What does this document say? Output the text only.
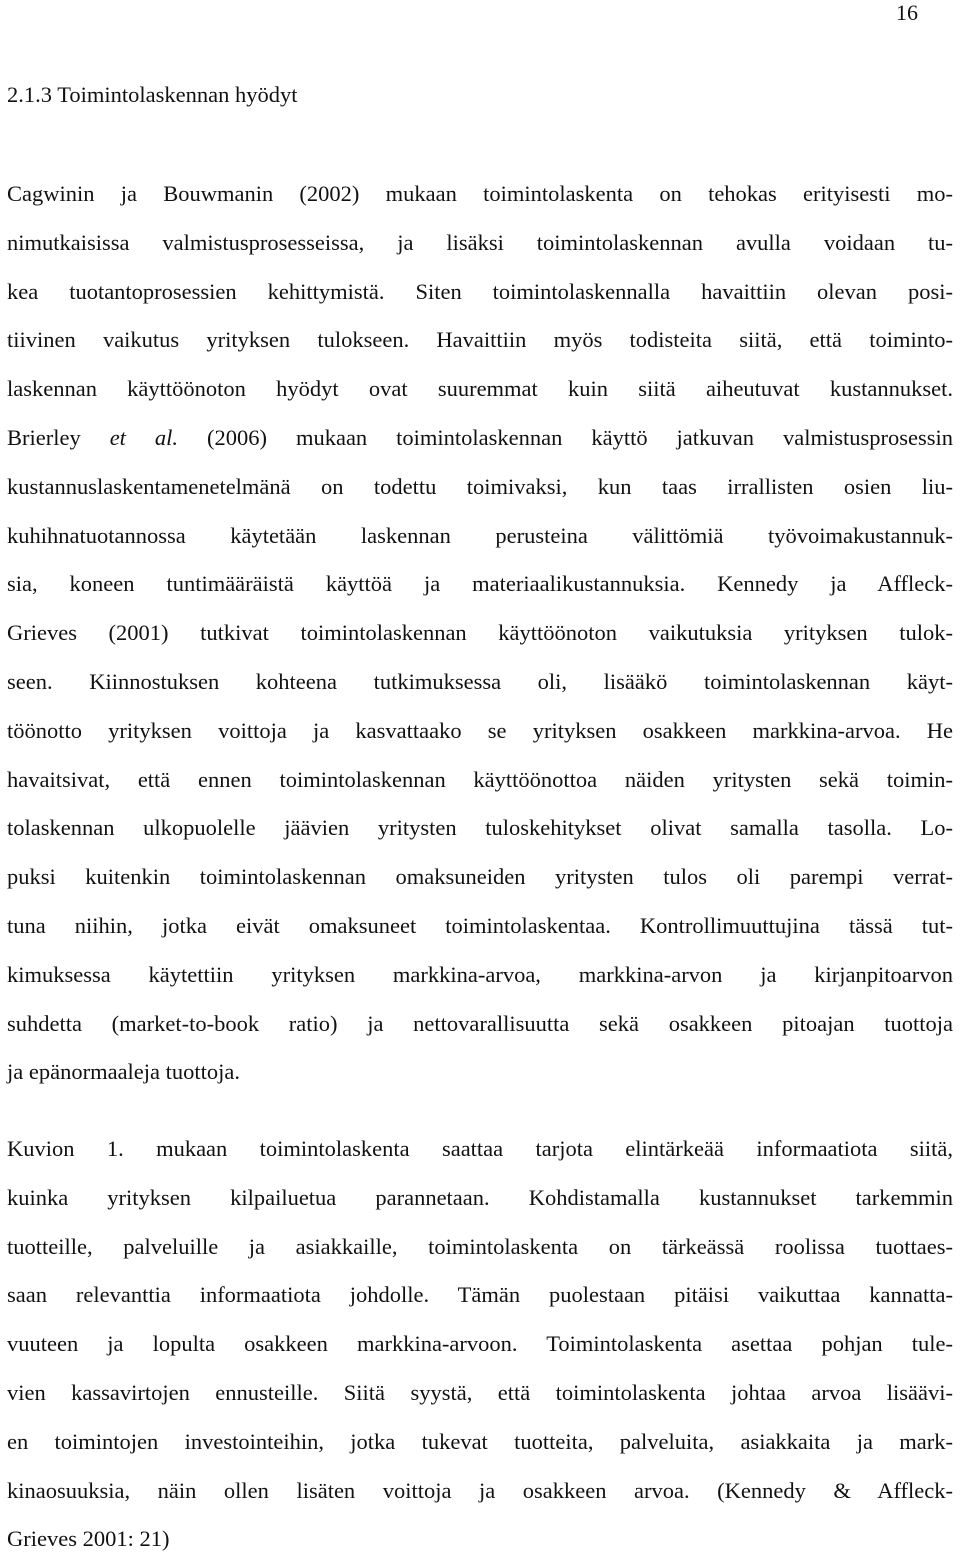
16
2.1.3 Toimintolaskennan hyödyt
Cagwinin ja Bouwmanin (2002) mukaan toimintolaskenta on tehokas erityisesti mo-
nimutkaisissa valmistusprosesseissa, ja lisäksi toimintolaskennan avulla voidaan tu-
kea tuotantoprosessien kehittymistä. Siten toimintolaskennalla havaittiin olevan posi-
tiivinen vaikutus yrityksen tulokseen. Havaittiin myös todisteita siitä, että toiminto-
laskennan käyttöönoton hyödyt ovat suuremmat kuin siitä aiheutuvat kustannukset.
Brierley et al. (2006) mukaan toimintolaskennan käyttö jatkuvan valmistusprosessin
kustannuslaskentamenetelmänä on todettu toimivaksi, kun taas irrallisten osien liu-
kuhihnatuotannossa käytetään laskennan perusteina välittömiä työvoimakustannuk-
sia, koneen tuntimääräistä käyttöä ja materiaalikustannuksia. Kennedy ja Affleck-
Grieves (2001) tutkivat toimintolaskennan käyttöönoton vaikutuksia yrityksen tulok-
seen. Kiinnostuksen kohteena tutkimuksessa oli, lisääkö toimintolaskennan käyt-
töönotto yrityksen voittoja ja kasvattaako se yrityksen osakkeen markkina-arvoa. He
havaitsivat, että ennen toimintolaskennan käyttöönottoa näiden yritysten sekä toimin-
tolaskennan ulkopuolelle jäävien yritysten tuloskehitykset olivat samalla tasolla. Lo-
puksi kuitenkin toimintolaskennan omaksuneiden yritysten tulos oli parempi verrat-
tuna niihin, jotka eivät omaksuneet toimintolaskentaa. Kontrollimuuttujina tässä tut-
kimuksessa käytettiin yrityksen markkina-arvoa, markkina-arvon ja kirjanpitoarvon
suhdetta (market-to-book ratio) ja nettovarallisuutta sekä osakkeen pitoajan tuottoja
ja epänormaaleja tuottoja.
Kuvion 1. mukaan toimintolaskenta saattaa tarjota elintärkeää informaatiota siitä,
kuinka yrityksen kilpailuetua parannetaan. Kohdistamalla kustannukset tarkemmin
tuotteille, palveluille ja asiakkaille, toimintolaskenta on tärkeässä roolissa tuottaes-
saan relevanttia informaatiota johdolle. Tämän puolestaan pitäisi vaikuttaa kannatta-
vuuteen ja lopulta osakkeen markkina-arvoon. Toimintolaskenta asettaa pohjan tule-
vien kassavirtojen ennusteille. Siitä syystä, että toimintolaskenta johtaa arvoa lisäävi-
en toimintojen investointeihin, jotka tukevat tuotteita, palveluita, asiakkaita ja mark-
kinaosuuksia, näin ollen lisäten voittoja ja osakkeen arvoa. (Kennedy & Affleck-
Grieves 2001: 21)
